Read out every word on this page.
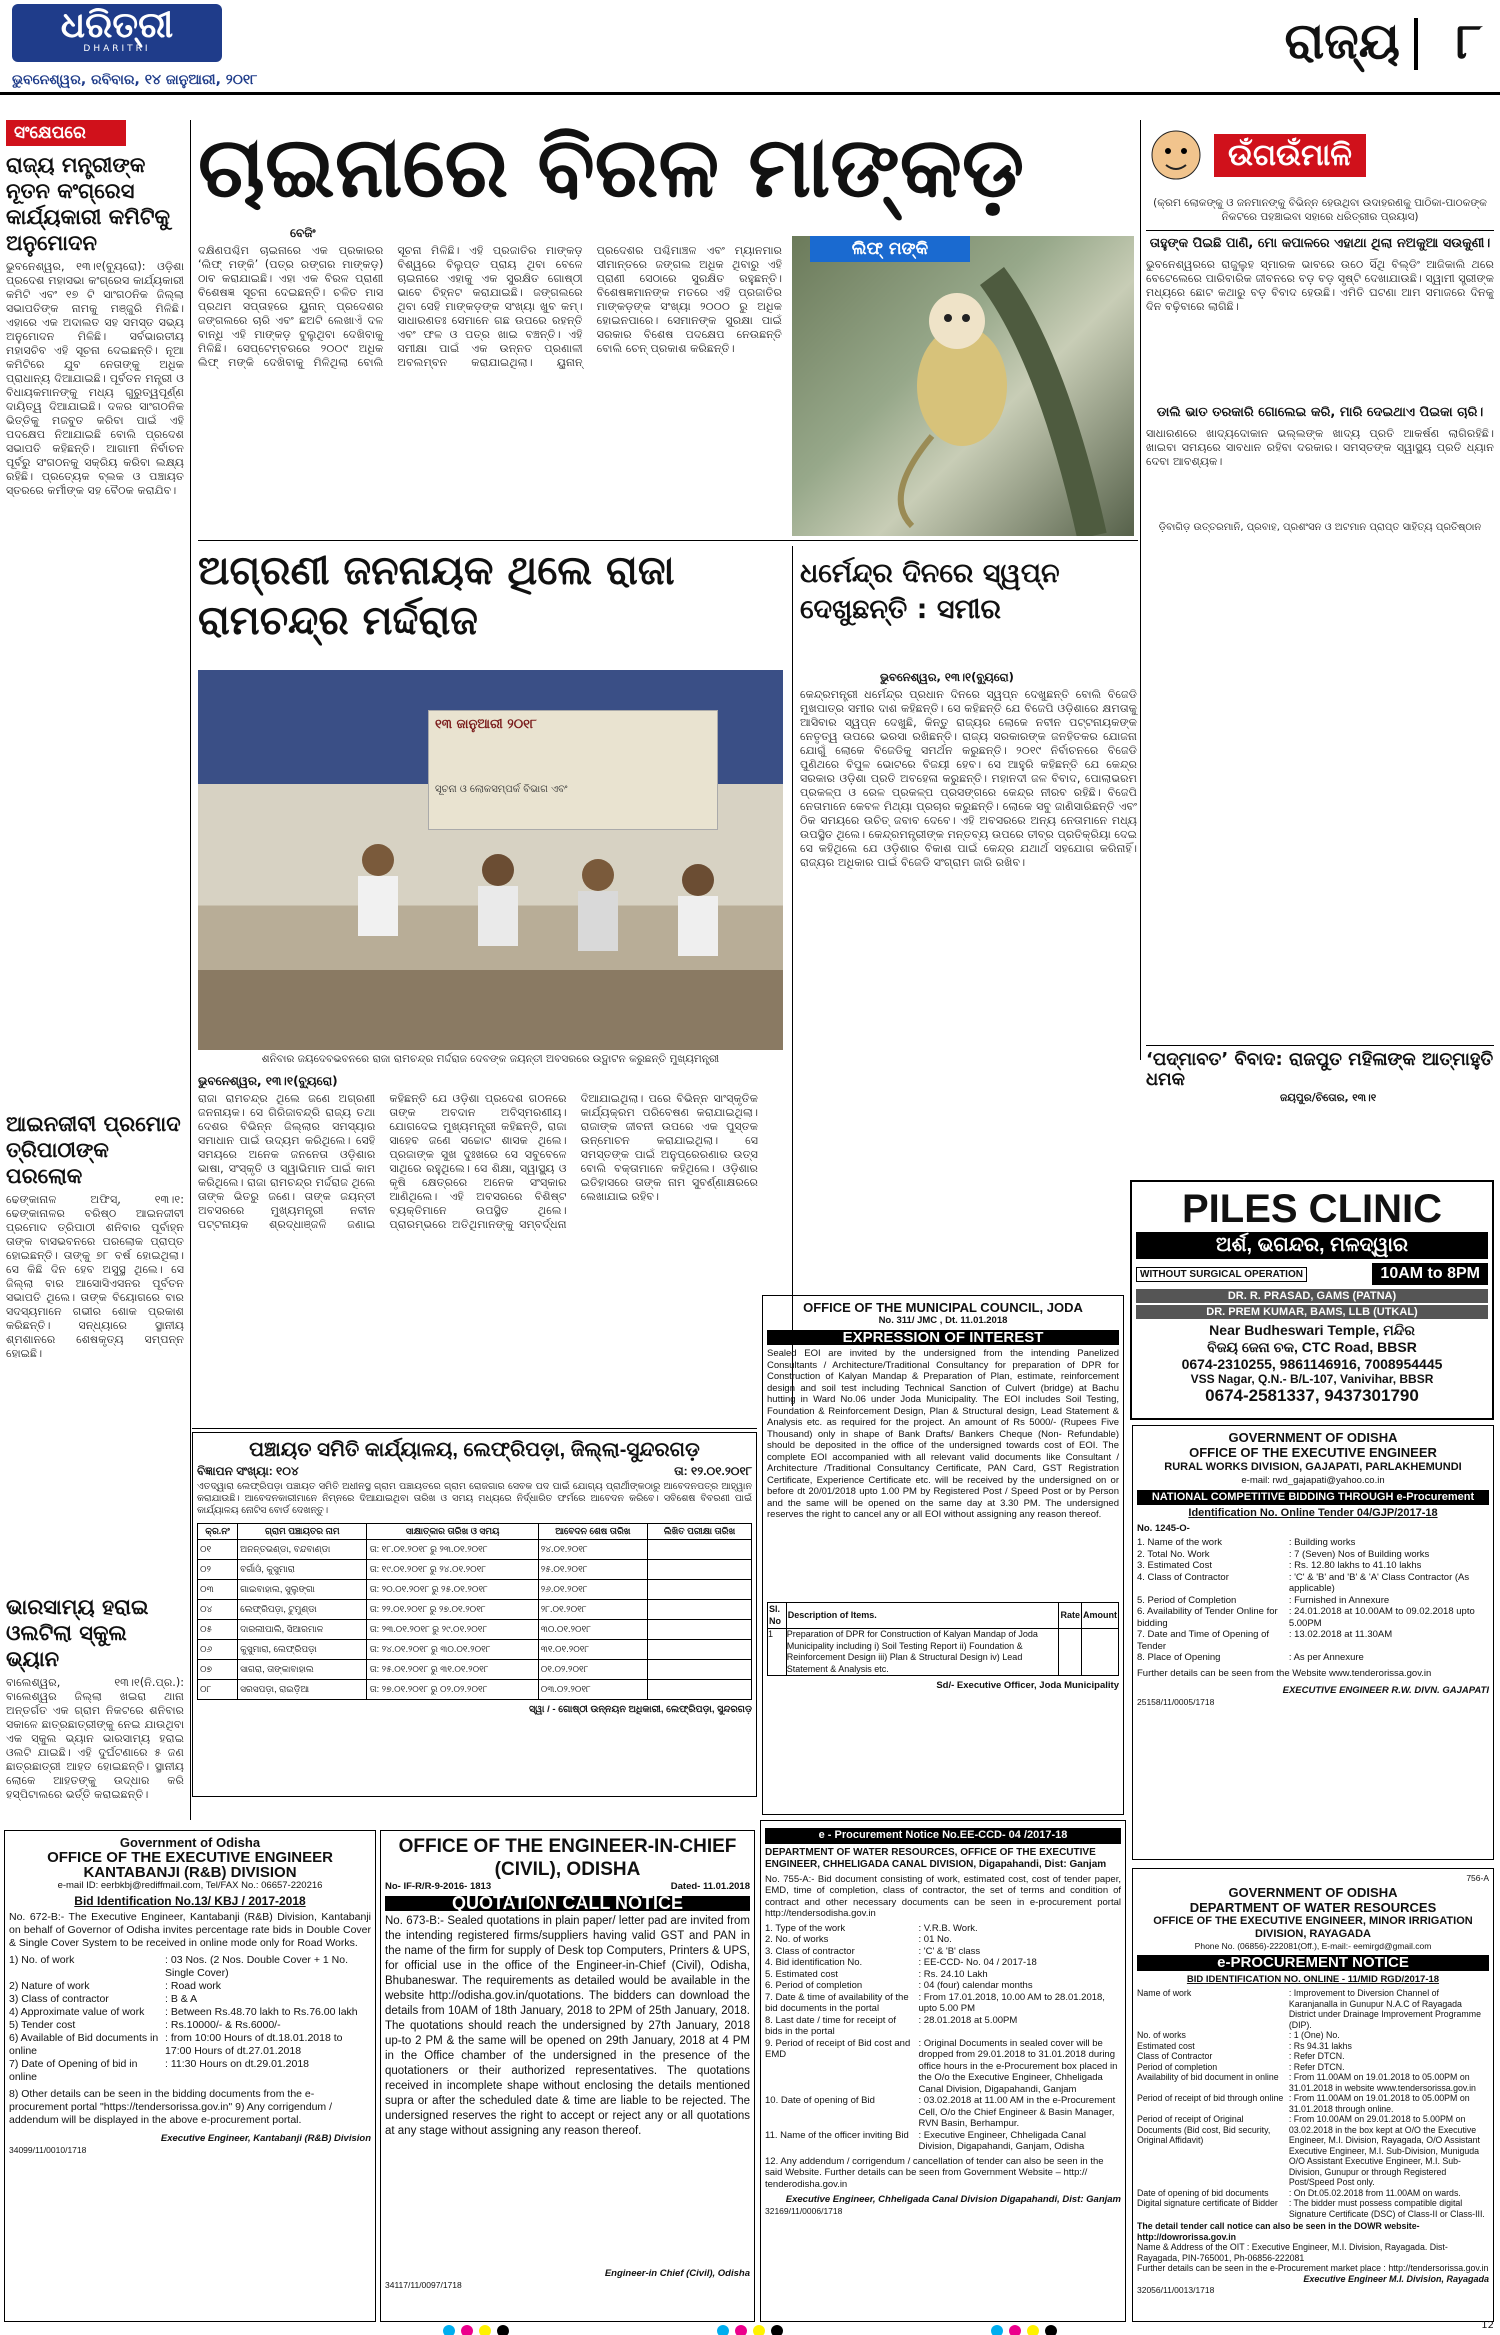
ଧରିତ୍ରୀ
DHARITRI
ଭୁବନେଶ୍ୱର, ରବିବାର, ୧୪ ଜାନୁଆରୀ, ୨୦୧୮
ରାଜ୍ୟ ୮
ସଂକ୍ଷେପରେ
ରାଜ୍ୟ ମନ୍ତ୍ରୀଙ୍କ ନୂତନ କଂଗ୍ରେସ କାର୍ଯ୍ୟକାରୀ କମିଟିକୁ ଅନୁମୋଦନ
ଭୁବନେଶ୍ୱର, ୧୩।୧(ବ୍ୟୁରୋ): ଓଡ଼ିଶା ପ୍ରଦେଶ ମହାସଭା କଂଗ୍ରେସ କାର୍ଯ୍ୟକାରୀ କମିଟି ଏବଂ ୧୭ ଟି ସାଂଗଠନିକ ଜିଲ୍ଲା ସଭାପତିଙ୍କ ନାମକୁ ମଞ୍ଜୁରି ମିଳିଛି। ଏହାରେ ଏକ ଅଦାଲତ ସହ ସମସ୍ତ ସଭ୍ୟ ଅନୁମୋଦନ ମିଳିଛି। ସର୍ବଭାରତୀୟ ମହାସଚିବ ଏହି ସୂଚନା ଦେଇଛନ୍ତି। ନୂଆ କମିଟିରେ ଯୁବ ନେତାଙ୍କୁ ଅଧିକ ପ୍ରାଧାନ୍ୟ ଦିଆଯାଇଛି। ପୂର୍ବତନ ମନ୍ତ୍ରୀ ଓ ବିଧାୟକମାନଙ୍କୁ ମଧ୍ୟ ଗୁରୁତ୍ୱପୂର୍ଣ୍ଣ ଦାୟିତ୍ୱ ଦିଆଯାଇଛି। ଦଳର ସାଂଗଠନିକ ଭିତ୍ତିକୁ ମଜବୁତ କରିବା ପାଇଁ ଏହି ପଦକ୍ଷେପ ନିଆଯାଇଛି ବୋଲି ପ୍ରଦେଶ ସଭାପତି କହିଛନ୍ତି। ଆଗାମୀ ନିର୍ବାଚନ ପୂର୍ବରୁ ସଂଗଠନକୁ ସକ୍ରିୟ କରିବା ଲକ୍ଷ୍ୟ ରହିଛି। ପ୍ରତ୍ୟେକ ବ୍ଲକ ଓ ପଞ୍ଚାୟତ ସ୍ତରରେ କର୍ମୀଙ୍କ ସହ ବୈଠକ କରାଯିବ।
ଆଇନଜୀବୀ ପ୍ରମୋଦ ତ୍ରିପାଠୀଙ୍କ ପରଲୋକ
ଢେଙ୍କାନାଳ ଅଫିସ୍, ୧୩।୧: ଢେଙ୍କାନାଳର ବରିଷ୍ଠ ଆଇନଜୀବୀ ପ୍ରମୋଦ ତ୍ରିପାଠୀ ଶନିବାର ପୂର୍ବାହ୍ନ ତାଙ୍କ ବାସଭବନରେ ପରଲୋକ ପ୍ରାପ୍ତ ହୋଇଛନ୍ତି। ତାଙ୍କୁ ୭୮ ବର୍ଷ ହୋଇଥିଲା। ସେ କିଛି ଦିନ ହେବ ଅସୁସ୍ଥ ଥିଲେ। ସେ ଜିଲ୍ଲା ବାର ଆସୋସିଏସନର ପୂର୍ବତନ ସଭାପତି ଥିଲେ। ତାଙ୍କ ବିୟୋଗରେ ବାର ସଦସ୍ୟମାନେ ଗଭୀର ଶୋକ ପ୍ରକାଶ କରିଛନ୍ତି। ସନ୍ଧ୍ୟାରେ ସ୍ଥାନୀୟ ଶ୍ମଶାନରେ ଶେଷକୃତ୍ୟ ସମ୍ପନ୍ନ ହୋଇଛି।
ଭାରସାମ୍ୟ ହରାଇ ଓଲଟିଲା ସ୍କୁଲ ଭ୍ୟାନ
ବାଲେଶ୍ୱର, ୧୩।୧(ନି.ପ୍ର.): ବାଲେଶ୍ୱର ଜିଲ୍ଲା ଖଇରା ଥାନା ଅନ୍ତର୍ଗତ ଏକ ଗ୍ରାମ ନିକଟରେ ଶନିବାର ସକାଳେ ଛାତ୍ରଛାତ୍ରୀଙ୍କୁ ନେଇ ଯାଉଥିବା ଏକ ସ୍କୁଲ ଭ୍ୟାନ ଭାରସାମ୍ୟ ହରାଇ ଓଲଟି ଯାଇଛି। ଏହି ଦୁର୍ଘଟଣାରେ ୫ ଜଣ ଛାତ୍ରଛାତ୍ରୀ ଆହତ ହୋଇଛନ୍ତି। ସ୍ଥାନୀୟ ଲୋକେ ଆହତଙ୍କୁ ଉଦ୍ଧାର କରି ହସ୍ପିଟାଲରେ ଭର୍ତ୍ତି କରାଇଛନ୍ତି।
ଚାଇନାରେ ବିରଳ ମାଙ୍କଡ଼
ବେଜିଂ
ଦକ୍ଷିଣପଶ୍ଚିମ ଚାଇନାରେ ଏକ ପ୍ରକାରର ‘ଲିଫ୍ ମଙ୍କି’ (ପତ୍ର ରଙ୍ଗର ମାଙ୍କଡ଼) ଠାବ କରାଯାଇଛି। ଏହା ଏକ ବିରଳ ପ୍ରାଣୀ ବିଶେଷଜ୍ଞ ସୂଚନା ଦେଇଛନ୍ତି। ଚଳିତ ମାସ ପ୍ରଥମ ସପ୍ତାହରେ ୟୁନାନ୍ ପ୍ରଦେଶର ଜଙ୍ଗଲରେ ଚାରି ଏବଂ ଛଅଟି ଲେଖାଏଁ ଦଳ ବାନ୍ଧି ଏହି ମାଙ୍କଡ଼ ବୁଲୁଥିବା ଦେଖିବାକୁ ମିଳିଛି। ସେପ୍ଟେମ୍ବରରେ ୨୦୦୯ ଅଧିକ ଲିଫ୍ ମଙ୍କି ଦେଖିବାକୁ ମିଳିଥିଲା ବୋଲି ସୂଚନା ମିଳିଛି। ଏହି ପ୍ରଜାତିର ମାଙ୍କଡ଼ ବିଶ୍ୱରେ ବିଲୁପ୍ତ ପ୍ରାୟ ଥିବା ବେଳେ ଚାଇନାରେ ଏହାକୁ ଏକ ସୁରକ୍ଷିତ ଗୋଷ୍ଠୀ ଭାବେ ଚିହ୍ନଟ କରାଯାଇଛି। ଜଙ୍ଗଲରେ ଥିବା ସେହି ମାଙ୍କଡ଼ଙ୍କ ସଂଖ୍ୟା ଖୁବ କମ୍। ସାଧାରଣତଃ ସେମାନେ ଗଛ ଉପରେ ରହନ୍ତି ଏବଂ ଫଳ ଓ ପତ୍ର ଖାଇ ବଞ୍ଚନ୍ତି। ଏହି ସମୀକ୍ଷା ପାଇଁ ଏକ ଉନ୍ନତ ପ୍ରଣାଳୀ ଅବଲମ୍ବନ କରାଯାଇଥିଲା। ୟୁନାନ୍ ପ୍ରଦେଶର ପଶ୍ଚିମାଞ୍ଚଳ ଏବଂ ମ୍ୟାନମାର ସୀମାନ୍ତରେ ଜଙ୍ଗଲ ଅଧିକ ଥିବାରୁ ଏହି ପ୍ରାଣୀ ସେଠାରେ ସୁରକ୍ଷିତ ରହୁଛନ୍ତି। ବିଶେଷଜ୍ଞମାନଙ୍କ ମତରେ ଏହି ପ୍ରଜାତିର ମାଙ୍କଡ଼ଙ୍କ ସଂଖ୍ୟା ୨୦୦୦ ରୁ ଅଧିକ ହୋଇନପାରେ। ସେମାନଙ୍କ ସୁରକ୍ଷା ପାଇଁ ସରକାର ବିଶେଷ ପଦକ୍ଷେପ ନେଉଛନ୍ତି ବୋଲି ଚେନ୍ ପ୍ରକାଶ କରିଛନ୍ତି।
ଲିଫ୍ ମଙ୍କି
ଉଁଗଉଁମାଳି
(କ୍ରମ ଲୋକଙ୍କୁ ଓ ଜନମାନଙ୍କୁ ବିଭିନ୍ନ ହେଉଥିବା ଉଦାହରଣକୁ ପାଠିକା-ପାଠକଙ୍କ ନିକଟରେ ପହଞ୍ଚାଇବା ସହାରେ ଧରିତ୍ରୀର ପ୍ରୟାସ)
ତାହୁଙ୍କ ପିଇଛି ପାଣି, ମୋ କପାଳରେ ଏହାଥା ଥିଲା ନଅକୁଆ ସଉକୁଣୀ।
ଭୁବନେଶ୍ୱରରେ ରାଜୁଲୁହ ସ୍ମାରକ ଭାବରେ ଉଠେ ସିଁଥି ବିଲ୍ଡିଂ ଆଜିକାଲି ଥରେ ବେଟେଲେରେ ପାରିବାରିକ ଜୀବନରେ ବଡ଼ ବଡ଼ ସୃଷ୍ଟି ଦେଖାଯାଉଛି। ସ୍ୱାମୀ ସ୍ତ୍ରୀଙ୍କ ମଧ୍ୟରେ ଛୋଟ କଥାରୁ ବଡ଼ ବିବାଦ ହେଉଛି। ଏମିତି ଘଟଣା ଆମ ସମାଜରେ ଦିନକୁ ଦିନ ବଢ଼ିବାରେ ଲାଗିଛି।
ଡାଲି ଭାତ ତରକାରି ଗୋଲେଇ କରି, ମାରି ଦେଇଥାଏ ପିଇକା ଚାରି।
ସାଧାରଣରେ ଖାଦ୍ୟଦୋକାନ ଭଲ୍ଲଙ୍କ ଖାଦ୍ୟ ପ୍ରତି ଆକର୍ଷଣ ଲାଗିରହିଛି। ଖାଇବା ସମୟରେ ସାବଧାନ ରହିବା ଦରକାର। ସମସ୍ତଙ୍କ ସ୍ୱାସ୍ଥ୍ୟ ପ୍ରତି ଧ୍ୟାନ ଦେବା ଆବଶ୍ୟକ।
ଡ଼ିବାଗିଡ଼ ଉତ୍ତରମାନି, ପ୍ରବାହ, ପ୍ରଶଂସନ ଓ ଅଟମାନ ପ୍ରାପ୍ତ ସାହିତ୍ୟ ପ୍ରତିଷ୍ଠାନ
ଅଗ୍ରଣୀ ଜନନାୟକ ଥିଲେ ରାଜା ରାମଚନ୍ଦ୍ର ମର୍ଦ୍ଦରାଜ
୧୩ ଜାନୁଆରୀ ୨୦୧୮
ସୂଚନା ଓ ଲୋକସମ୍ପର୍କ ବିଭାଗ ଏବଂ
ଶନିବାର ଜୟଦେବଭବନରେ ରାଜା ରାମଚନ୍ଦ୍ର ମର୍ଦ୍ଦରାଜ ଦେବଙ୍କ ଜୟନ୍ତୀ ଅବସରରେ ଉଦ୍ଘାଟନ କରୁଛନ୍ତି ମୁଖ୍ୟମନ୍ତ୍ରୀ
ଭୁବନେଶ୍ୱର, ୧୩।୧(ବ୍ୟୁରୋ)
ରାଜା ରାମଚନ୍ଦ୍ର ଥିଲେ ଜଣେ ଅଗ୍ରଣୀ ଜନନାୟକ। ସେ ଗିରିଜାବନ୍ଦ୍ରି ରାଜ୍ୟ ତଥା ଦେଶର ବିଭିନ୍ନ ଜିଲ୍ଲାର ସମସ୍ୟାର ସମାଧାନ ପାଇଁ ଉଦ୍ୟମ କରିଥିଲେ। ସେହି ସମୟରେ ଅନେକ ଜନନେତା ଓଡ଼ିଶାର ଭାଷା, ସଂସ୍କୃତି ଓ ସ୍ୱାଭିମାନ ପାଇଁ କାମ କରିଥିଲେ। ରାଜା ରାମଚନ୍ଦ୍ର ମର୍ଦ୍ଦରାଜ ଥିଲେ ତାଙ୍କ ଭିତରୁ ଜଣେ। ତାଙ୍କ ଜୟନ୍ତୀ ଅବସରରେ ମୁଖ୍ୟମନ୍ତ୍ରୀ ନବୀନ ପଟ୍ଟନାୟକ ଶ୍ରଦ୍ଧାଞ୍ଜଳି ଜଣାଇ କହିଛନ୍ତି ଯେ ଓଡ଼ିଶା ପ୍ରଦେଶ ଗଠନରେ ତାଙ୍କ ଅବଦାନ ଅବିସ୍ମରଣୀୟ। ଯୋଗଦେଇ ମୁଖ୍ୟମନ୍ତ୍ରୀ କହିଛନ୍ତି, ରାଜା ସାହେବ ଜଣେ ସଚ୍ଚୋଟ ଶାସକ ଥିଲେ। ପ୍ରଜାଙ୍କ ସୁଖ ଦୁଃଖରେ ସେ ସବୁବେଳେ ସାଥିରେ ରହୁଥିଲେ। ସେ ଶିକ୍ଷା, ସ୍ୱାସ୍ଥ୍ୟ ଓ କୃଷି କ୍ଷେତ୍ରରେ ଅନେକ ସଂସ୍କାର ଆଣିଥିଲେ। ଏହି ଅବସରରେ ବିଶିଷ୍ଟ ବ୍ୟକ୍ତିମାନେ ଉପସ୍ଥିତ ଥିଲେ। ପ୍ରାରମ୍ଭରେ ଅତିଥିମାନଙ୍କୁ ସମ୍ବର୍ଦ୍ଧନା ଦିଆଯାଇଥିଲା। ପରେ ବିଭିନ୍ନ ସାଂସ୍କୃତିକ କାର୍ଯ୍ୟକ୍ରମ ପରିବେଷଣ କରାଯାଇଥିଲା। ରାଜାଙ୍କ ଜୀବନୀ ଉପରେ ଏକ ପୁସ୍ତକ ଉନ୍ମୋଚନ କରାଯାଇଥିଲା। ସେ ସମସ୍ତଙ୍କ ପାଇଁ ଅନୁପ୍ରେରଣାର ଉତ୍ସ ବୋଲି ବକ୍ତାମାନେ କହିଥିଲେ। ଓଡ଼ିଶାର ଇତିହାସରେ ତାଙ୍କ ନାମ ସୁବର୍ଣ୍ଣାକ୍ଷରରେ ଲେଖାଯାଇ ରହିବ।
ଧର୍ମେନ୍ଦ୍ର ଦିନରେ ସ୍ୱପ୍ନ ଦେଖୁଛନ୍ତି : ସମୀର
ଭୁବନେଶ୍ୱର, ୧୩।୧(ବ୍ୟୁରୋ)
କେନ୍ଦ୍ରମନ୍ତ୍ରୀ ଧର୍ମେନ୍ଦ୍ର ପ୍ରଧାନ ଦିନରେ ସ୍ୱପ୍ନ ଦେଖୁଛନ୍ତି ବୋଲି ବିଜେଡି ମୁଖପାତ୍ର ସମୀର ଦାଶ କହିଛନ୍ତି। ସେ କହିଛନ୍ତି ଯେ ବିଜେପି ଓଡ଼ିଶାରେ କ୍ଷମତାକୁ ଆସିବାର ସ୍ୱପ୍ନ ଦେଖୁଛି, କିନ୍ତୁ ରାଜ୍ୟର ଲୋକେ ନବୀନ ପଟ୍ଟନାୟକଙ୍କ ନେତୃତ୍ୱ ଉପରେ ଭରସା ରଖିଛନ୍ତି। ରାଜ୍ୟ ସରକାରଙ୍କ ଜନହିତକର ଯୋଜନା ଯୋଗୁଁ ଲୋକେ ବିଜେଡିକୁ ସମର୍ଥନ କରୁଛନ୍ତି। ୨୦୧୯ ନିର୍ବାଚନରେ ବିଜେଡି ପୁଣିଥରେ ବିପୁଳ ଭୋଟରେ ବିଜୟୀ ହେବ। ସେ ଆହୁରି କହିଛନ୍ତି ଯେ କେନ୍ଦ୍ର ସରକାର ଓଡ଼ିଶା ପ୍ରତି ଅବହେଳା କରୁଛନ୍ତି। ମହାନଦୀ ଜଳ ବିବାଦ, ପୋଲାଭରମ ପ୍ରକଳ୍ପ ଓ ରେଳ ପ୍ରକଳ୍ପ ପ୍ରସଙ୍ଗରେ କେନ୍ଦ୍ର ନୀରବ ରହିଛି। ବିଜେପି ନେତାମାନେ କେବଳ ମିଥ୍ୟା ପ୍ରଚାର କରୁଛନ୍ତି। ଲୋକେ ସବୁ ଜାଣିସାରିଛନ୍ତି ଏବଂ ଠିକ ସମୟରେ ଉଚିତ୍ ଜବାବ ଦେବେ। ଏହି ଅବସରରେ ଅନ୍ୟ ନେତାମାନେ ମଧ୍ୟ ଉପସ୍ଥିତ ଥିଲେ। କେନ୍ଦ୍ରମନ୍ତ୍ରୀଙ୍କ ମନ୍ତବ୍ୟ ଉପରେ ତୀବ୍ର ପ୍ରତିକ୍ରିୟା ଦେଇ ସେ କହିଥିଲେ ଯେ ଓଡ଼ିଶାର ବିକାଶ ପାଇଁ କେନ୍ଦ୍ର ଯଥାର୍ଥ ସହଯୋଗ କରିନାହିଁ। ରାଜ୍ୟର ଅଧିକାର ପାଇଁ ବିଜେଡି ସଂଗ୍ରାମ ଜାରି ରଖିବ।
‘ପଦ୍ମାବତ’ ବିବାଦ: ରାଜପୁତ ମହିଳାଙ୍କ ଆତ୍ମାହୁତି ଧମକ
ଜୟପୁର/ଚିତୋର, ୧୩।୧
PILES CLINIC
ଅର୍ଶ, ଭଗନ୍ଦର, ମଳଦ୍ୱାର
WITHOUT SURGICAL OPERATION	10AM to 8PM
DR. R. PRASAD, GAMS (PATNA)
DR. PREM KUMAR, BAMS, LLB (UTKAL)
Near Budheswari Temple, ମନ୍ଦିର
ବିଜୟ ଜେନା ଚକ, CTC Road, BBSR
0674-2310255, 9861146916, 7008954445
VSS Nagar, Q.N.- B/L-107, Vanivihar, BBSR
0674-2581337, 9437301790
GOVERNMENT OF ODISHA
OFFICE OF THE EXECUTIVE ENGINEER
RURAL WORKS DIVISION, GAJAPATI, PARLAKHEMUNDI
e-mail: rwd_gajapati@yahoo.co.in
NATIONAL COMPETITIVE BIDDING THROUGH e-Procurement
Identification No. Online Tender 04/GJP/2017-18
No. 1245-O-
1. Name of the work	: Building works
2. Total No. Work	: 7 (Seven) Nos of Building works
3. Estimated Cost	: Rs. 12.80 lakhs to 41.10 lakhs
4. Class of Contractor	: 'C' & 'B' and 'B' & 'A' Class Contractor (As applicable)
5. Period of Completion	: Furnished in Annexure
6. Availability of Tender Online for bidding
: 24.01.2018 at 10.00AM to 09.02.2018 upto 5.00PM
7. Date and Time of Opening of Tender
: 13.02.2018 at 11.30AM
8. Place of Opening	: As per Annexure
Further details can be seen from the Website www.tenderorissa.gov.in
EXECUTIVE ENGINEER R.W. DIVN. GAJAPATI
25158/11/0005/1718
ପଞ୍ଚାୟତ ସମିତି କାର୍ଯ୍ୟାଳୟ, ଲେଫ୍ରିପଡ଼ା, ଜିଲ୍ଲା-ସୁନ୍ଦରଗଡ଼
ବିଜ୍ଞାପନ ସଂଖ୍ୟା: ୧୦୪	ତା: ୧୨.୦୧.୨୦୧୮
ଏତଦ୍ୱାରା ଲେଫ୍ରିପଡ଼ା ପଞ୍ଚାୟତ ସମିତି ଅଧୀନସ୍ଥ ଗ୍ରାମ ପଞ୍ଚାୟତରେ ଗ୍ରାମ ରୋଜଗାର ସେବକ ପଦ ପାଇଁ ଯୋଗ୍ୟ ପ୍ରାର୍ଥୀଙ୍କଠାରୁ ଆବେଦନପତ୍ର ଆହ୍ୱାନ କରାଯାଉଛି। ଆବେଦନକାରୀମାନେ ନିମ୍ନରେ ଦିଆଯାଇଥିବା ତାରିଖ ଓ ସମୟ ମଧ୍ୟରେ ନିର୍ଦ୍ଧାରିତ ଫର୍ମରେ ଆବେଦନ କରିବେ। ସବିଶେଷ ବିବରଣୀ ପାଇଁ କାର୍ଯ୍ୟାଳୟ ନୋଟିସ ବୋର୍ଡ ଦେଖନ୍ତୁ।
କ୍ର.ନଂ	ଗ୍ରାମ ପଞ୍ଚାୟତର ନାମ	ସାକ୍ଷାତ୍କାର ତାରିଖ ଓ ସମୟ	ଆବେଦନ ଶେଷ ତାରିଖ	ଲିଖିତ ପରୀକ୍ଷା ତାରିଖ
୦୧	ଅନନ୍ତଭଣ୍ଡା, ବନ୍ଦବାଣ୍ଡା	ତା: ୧୮.୦୧.୨୦୧୮ ରୁ ୨୩.୦୧.୨୦୧୮	୨୪.୦୧.୨୦୧୮	
୦୨	ବର୍ଗାଓଁ, କୁସୁମାରା	ତା: ୧୯.୦୧.୨୦୧୮ ରୁ ୨୪.୦୧.୨୦୧୮	୨୫.୦୧.୨୦୧୮	
୦୩	ଗାଇବାହାଲ, ସୁଲୁଙ୍ଗା	ତା: ୨୦.୦୧.୨୦୧୮ ରୁ ୨୫.୦୧.୨୦୧୮	୨୬.୦୧.୨୦୧୮	
୦୪	ଲେଫ୍ରିପଡ଼ା, ଟୁମୁଣ୍ଡା	ତା: ୨୨.୦୧.୨୦୧୮ ରୁ ୨୭.୦୧.୨୦୧୮	୨୮.୦୧.୨୦୧୮	
୦୫	ଦାରଲୀପାଲି, ସିଆରମାଳ	ତା: ୨୩.୦୧.୨୦୧୮ ରୁ ୨୯.୦୧.୨୦୧୮	୩୦.୦୧.୨୦୧୮	
୦୬	କୁସୁମାରା, ଲେଫ୍ରିପଡ଼ା	ତା: ୨୪.୦୧.୨୦୧୮ ରୁ ୩୦.୦୧.୨୦୧୮	୩୧.୦୧.୨୦୧୮	
୦୭	ସାଗରା, ତାଙ୍କାବାହାଲ	ତା: ୨୫.୦୧.୨୦୧୮ ରୁ ୩୧.୦୧.୨୦୧୮	୦୧.୦୨.୨୦୧୮	
୦୮	ସରସପଡ଼ା, ରାଇଡ଼ିଆ	ତା: ୨୭.୦୧.୨୦୧୮ ରୁ ୦୨.୦୨.୨୦୧୮	୦୩.୦୨.୨୦୧୮	
ସ୍ୱା / - ଗୋଷ୍ଠୀ ଉନ୍ନୟନ ଅଧିକାରୀ, ଲେଫ୍ରିପଡ଼ା, ସୁନ୍ଦରଗଡ଼
OFFICE OF THE MUNICIPAL COUNCIL, JODA
No. 311/ JMC , Dt. 11.01.2018
EXPRESSION OF INTEREST
Sealed EOI are invited by the undersigned from the intending Panelized Consultants / Architecture/Traditional Consultancy for preparation of DPR for Construction of Kalyan Mandap & Preparation of Plan, estimate, reinforcement design and soil test including Technical Sanction of Culvert (bridge) at Bachu hutting in Ward No.06 under Joda Municipality. The EOI includes Soil Testing, Foundation & Reinforcement Design, Plan & Structural design, Lead Statement & Analysis etc. as required for the project. An amount of Rs 5000/- (Rupees Five Thousand) only in shape of Bank Drafts/ Bankers Cheque (Non- Refundable) should be deposited in the office of the undersigned towards cost of EOI. The complete EOI accompanied with all relevant valid documents like Consultant / Architecture /Traditional Consultancy Certificate, PAN Card, GST Registration Certificate, Experience Certificate etc. will be received by the undersigned on or before dt 20/01/2018 upto 1.00 PM by Registered Post / Speed Post or by Person and the same will be opened on the same day at 3.30 PM. The undersigned reserves the right to cancel any or all EOI without assigning any reason thereof.
Sl. No	Description of Items.	Rate	Amount
1	Preparation of DPR for Construction of Kalyan Mandap of Joda Municipality including i) Soil Testing Report ii) Foundation & Reinforcement Design iii) Plan & Structural Design iv) Lead Statement & Analysis etc.		
Sd/- Executive Officer, Joda Municipality
Government of Odisha
OFFICE OF THE EXECUTIVE ENGINEER
KANTABANJI (R&B) DIVISION
e-mail ID: eerbkbj@rediffmail.com, Tel/FAX No.: 06657-220216
Bid Identification No.13/ KBJ / 2017-2018
No. 672-B:- The Executive Engineer, Kantabanji (R&B) Division, Kantabanji on behalf of Governor of Odisha invites percentage rate bids in Double Cover & Single Cover System to be received in online mode only for Road Works.
1) No. of work	: 03 Nos. (2 Nos. Double Cover + 1 No. Single Cover)
2) Nature of work	: Road work
3) Class of contractor	: B & A
4) Approximate value of work	: Between Rs.48.70 lakh to Rs.76.00 lakh
5) Tender cost	: Rs.10000/- & Rs.6000/-
6) Available of Bid documents in online
: from 10:00 Hours of dt.18.01.2018 to 17:00 Hours of dt.27.01.2018
7) Date of Opening of bid in online
: 11:30 Hours on dt.29.01.2018
8) Other details can be seen in the bidding documents from the e-procurement portal "https://tendersorissa.gov.in" 9) Any corrigendum / addendum will be displayed in the above e-procurement portal.
Executive Engineer, Kantabanji (R&B) Division
34099/11/0010/1718
OFFICE OF THE ENGINEER-IN-CHIEF (CIVIL), ODISHA
No- IF-R/R-9-2016- 1813	Dated- 11.01.2018
QUOTATION CALL NOTICE
No. 673-B:- Sealed quotations in plain paper/ letter pad are invited from the intending registered firms/suppliers having valid GST and PAN in the name of the firm for supply of Desk top Computers, Printers & UPS, for official use in the office of the Engineer-in-Chief (Civil), Odisha, Bhubaneswar. The requirements as detailed would be available in the website http://odisha.gov.in/quotations. The bidders can download the details from 10AM of 18th January, 2018 to 2PM of 25th January, 2018. The quotations should reach the undersigned by 27th January, 2018 up-to 2 PM & the same will be opened on 29th January, 2018 at 4 PM in the Office chamber of the undersigned in the presence of the quotationers or their authorized representatives. The quotations received in incomplete shape without enclosing the details mentioned supra or after the scheduled date & time are liable to be rejected. The undersigned reserves the right to accept or reject any or all quotations at any stage without assigning any reason thereof.
Engineer-in Chief (Civil), Odisha
34117/11/0097/1718
e - Procurement Notice No.EE-CCD- 04 /2017-18
DEPARTMENT OF WATER RESOURCES, OFFICE OF THE EXECUTIVE ENGINEER, CHHELIGADA CANAL DIVISION, Digapahandi, Dist: Ganjam
No. 755-A:- Bid document consisting of work, estimated cost, cost of tender paper, EMD, time of completion, class of contractor, the set of terms and condition of contract and other necessary documents can be seen in e-procurement portal http://tendersodisha.gov.in
1. Type of the work	: V.R.B. Work.
2. No. of works	: 01 No.
3. Class of contractor	: 'C' & 'B' class
4. Bid identification No.	: EE-CCD- No. 04 / 2017-18
5. Estimated cost	: Rs. 24.10 Lakh
6. Period of completion	: 04 (four) calendar months
7. Date & time of availability of the bid documents in the portal
: From 17.01.2018, 10.00 AM to 28.01.2018, upto 5.00 PM
8. Last date / time for receipt of bids in the portal
: 28.01.2018 at 5.00PM
9. Period of receipt of Bid cost and EMD
: Original Documents in sealed cover will be dropped from 29.01.2018 to 31.01.2018 during office hours in the e-Procurement box placed in the O/o the Executive Engineer, Chheligada Canal Division, Digapahandi, Ganjam
10. Date of opening of Bid	: 03.02.2018 at 11.00 AM in the e-Procurement Cell, O/o the Chief Engineer & Basin Manager, RVN Basin, Berhampur.
11. Name of the officer inviting Bid	: Executive Engineer, Chheligada Canal Division, Digapahandi, Ganjam, Odisha
12. Any addendum / corrigendum / cancellation of tender can also be seen in the said Website. Further details can be seen from Government Website – http:// tenderodisha.gov.in
Executive Engineer, Chheligada Canal Division Digapahandi, Dist: Ganjam
32169/11/0006/1718
756-A
GOVERNMENT OF ODISHA
DEPARTMENT OF WATER RESOURCES
OFFICE OF THE EXECUTIVE ENGINEER, MINOR IRRIGATION DIVISION, RAYAGADA
Phone No. (06856)-222081(Off.), E-mail:- eemirgd@gmail.com
e-PROCUREMENT NOTICE
BID IDENTIFICATION NO. ONLINE - 11/MID RGD/2017-18
Name of work	: Improvement to Diversion Channel of Karanjanalla in Gunupur N.A.C of Rayagada District under Drainage Improvement Programme (DIP).
No. of works	: 1 (One) No.
Estimated cost	: Rs 94.31 lakhs
Class of Contractor	: Refer DTCN.
Period of completion	: Refer DTCN.
Availability of bid document in online	: From 11.00AM on 19.01.2018 to 05.00PM on 31.01.2018 in website www.tendersorissa.gov.in
Period of receipt of bid through online : From 11.00AM on 19.01.2018 to 05.00PM on 31.01.2018 through online.
Period of receipt of Original Documents (Bid cost, Bid security, Original Affidavit)
: From 10.00AM on 29.01.2018 to 5.00PM on 03.02.2018 in the box kept at O/O the Executive Engineer, M.I. Division, Rayagada, O/O Assistant Executive Engineer, M.I. Sub-Division, Muniguda O/O Assistant Executive Engineer, M.I. Sub-Division, Gunupur or through Registered Post/Speed Post only.
Date of opening of bid documents	: On Dt.05.02.2018 from 11.00AM on wards.
Digital signature certificate of Bidder	: The bidder must possess compatible digital Signature Certificate (DSC) of Class-II or Class-III.
The detail tender call notice can also be seen in the DOWR website- http://dowrorissa.gov.in
Name & Address of the OIT : Executive Engineer, M.I. Division, Rayagada. Dist-Rayagada, PIN-765001, Ph-06856-222081
Further details can be seen in the e-Procurement market place : http://tendersorissa.gov.in
Executive Engineer M.I. Division, Rayagada
32056/11/0013/1718

12
